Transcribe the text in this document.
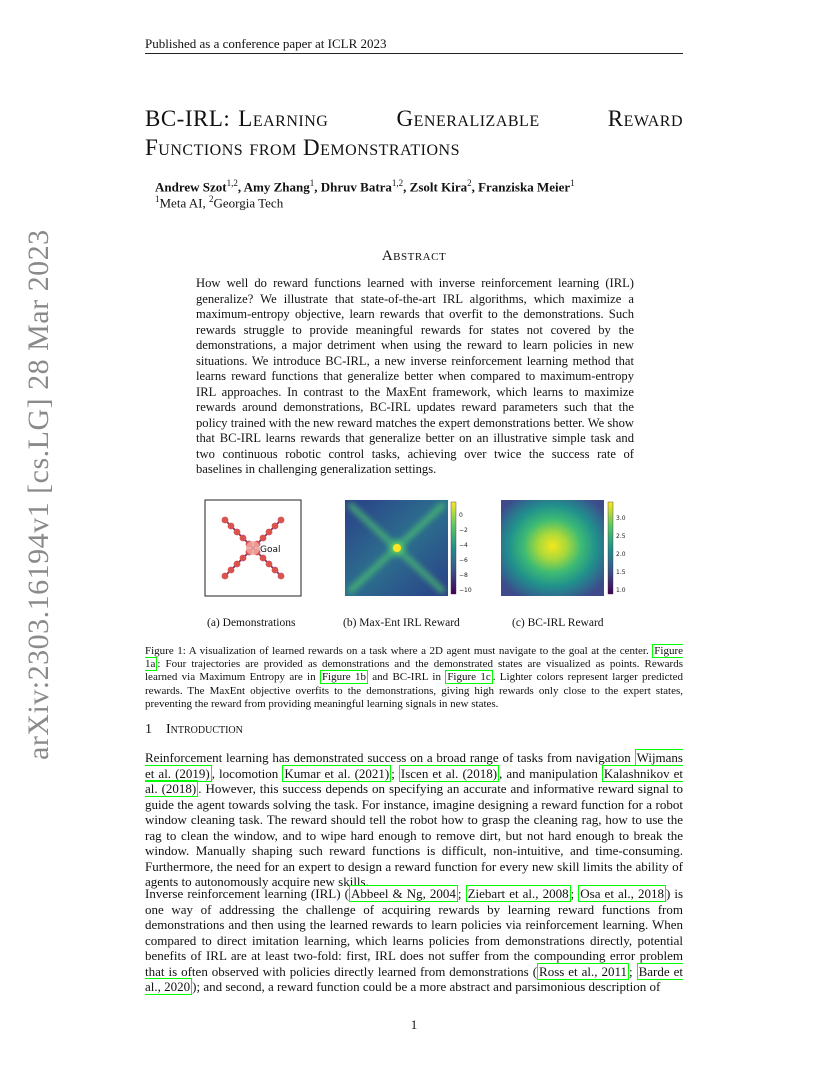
arXiv:2303.16194v1 [cs.LG] 28 Mar 2023
Published as a conference paper at ICLR 2023
BC-IRL: Learning Generalizable Reward
Functions from Demonstrations
Andrew Szot$^{1,2}$, Amy Zhang$^1$, Dhruv Batra$^{1,2}$, Zsolt Kira$^2$, Franziska Meier$^1$
$^1$Meta AI, $^2$Georgia Tech
Abstract
How well do reward functions learned with inverse reinforcement learning (IRL) generalize? We illustrate that state-of-the-art IRL algorithms, which maximize a maximum-entropy objective, learn rewards that overfit to the demonstrations. Such rewards struggle to provide meaningful rewards for states not covered by the demonstrations, a major detriment when using the reward to learn policies in new situations. We introduce BC-IRL, a new inverse reinforcement learning method that learns reward functions that generalize better when compared to maximum-entropy IRL approaches. In contrast to the MaxEnt framework, which learns to maximize rewards around demonstrations, BC-IRL updates reward parameters such that the policy trained with the new reward matches the expert demonstrations better. We show that BC-IRL learns rewards that generalize better on an illustrative simple task and two continuous robotic control tasks, achieving over twice the success rate of baselines in challenging generalization settings.
Goal
0
−2
−4
−6
−8
−10
3.0
2.5
2.0
1.5
1.0
(a) Demonstrations	(b) Max-Ent IRL Reward	(c) BC-IRL Reward
Figure 1: A visualization of learned rewards on a task where a 2D agent must navigate to the goal at the center. Figure 1a : Four trajectories are provided as demonstrations and the demonstrated states are visualized as points. Rewards learned via Maximum Entropy are in Figure 1b and BC-IRL in Figure 1c . Lighter colors represent larger predicted rewards. The MaxEnt objective overfits to the demonstrations, giving high rewards only close to the expert states, preventing the reward from providing meaningful learning signals in new states.
1 Introduction
Reinforcement learning has demonstrated success on a broad range of tasks from navigation Wijmans et al. (2019) , locomotion Kumar et al. (2021) ; Iscen et al. (2018) , and manipulation Kalashnikov et al. (2018) . However, this success depends on specifying an accurate and informative reward signal to guide the agent towards solving the task. For instance, imagine designing a reward function for a robot window cleaning task. The reward should tell the robot how to grasp the cleaning rag, how to use the rag to clean the window, and to wipe hard enough to remove dirt, but not hard enough to break the window. Manually shaping such reward functions is difficult, non-intuitive, and time-consuming. Furthermore, the need for an expert to design a reward function for every new skill limits the ability of agents to autonomously acquire new skills.
Inverse reinforcement learning (IRL) ( Abbeel & Ng, 2004 ; Ziebart et al., 2008 ; Osa et al., 2018 ) is one way of addressing the challenge of acquiring rewards by learning reward functions from demonstrations and then using the learned rewards to learn policies via reinforcement learning. When compared to direct imitation learning, which learns policies from demonstrations directly, potential benefits of IRL are at least two-fold: first, IRL does not suffer from the compounding error problem that is often observed with policies directly learned from demonstrations ( Ross et al., 2011 ; Barde et al., 2020 ); and second, a reward function could be a more abstract and parsimonious description of
1
